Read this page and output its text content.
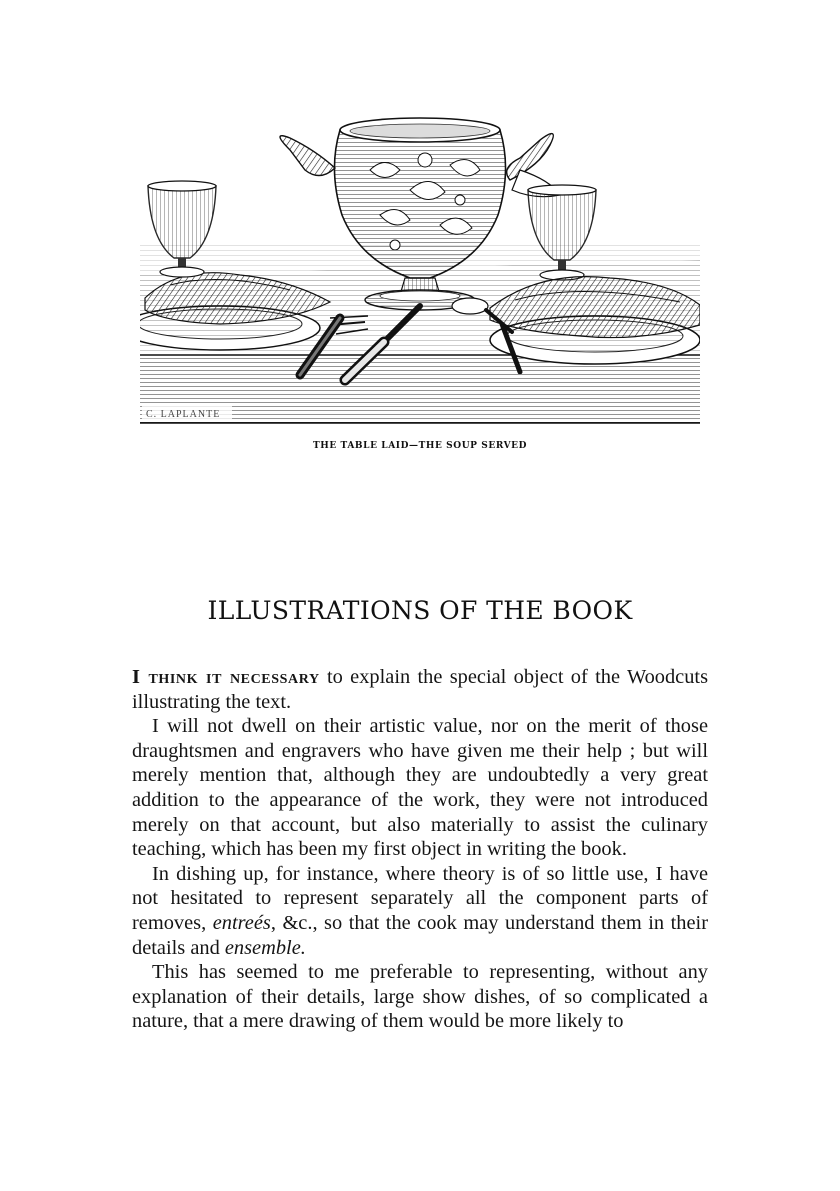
C. LAPLANTE
THE TABLE LAID—THE SOUP SERVED
ILLUSTRATIONS OF THE BOOK

I think it necessary to explain the special object of the Woodcuts illustrating the text.

I will not dwell on their artistic value, nor on the merit of those draughtsmen and engravers who have given me their help ; but will merely mention that, although they are undoubtedly a very great addition to the appearance of the work, they were not introduced merely on that account, but also materially to assist the culinary teaching, which has been my first object in writing the book.

In dishing up, for instance, where theory is of so little use, I have not hesitated to represent separately all the component parts of removes, entreés, &c., so that the cook may understand them in their details and ensemble.

This has seemed to me preferable to representing, without any explanation of their details, large show dishes, of so complicated a nature, that a mere drawing of them would be more likely to
